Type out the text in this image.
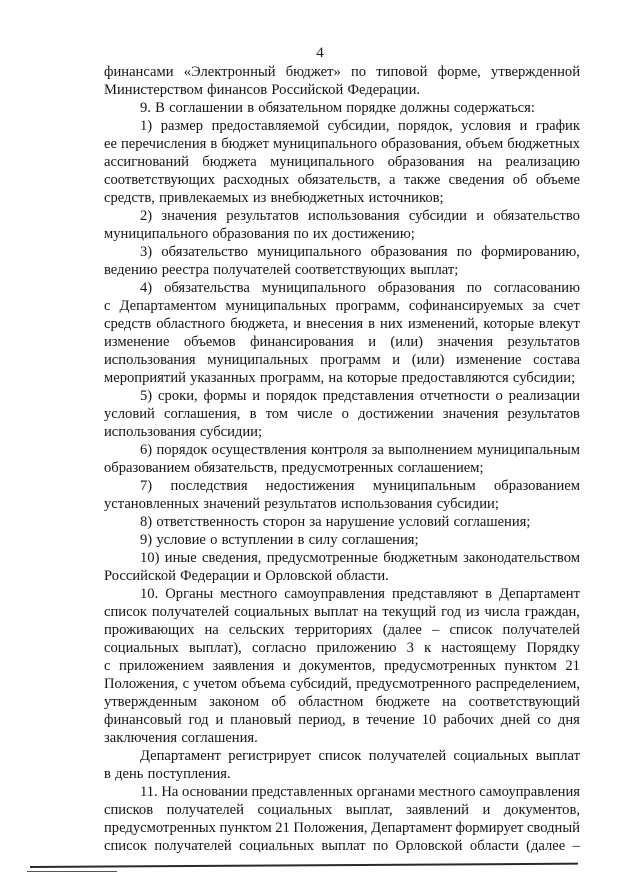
4
финансами «Электронный бюджет» по типовой форме, утвержденной
Министерством финансов Российской Федерации.
9. В соглашении в обязательном порядке должны содержаться:
1) размер предоставляемой субсидии, порядок, условия и график
ее перечисления в бюджет муниципального образования, объем бюджетных
ассигнований бюджета муниципального образования на реализацию
соответствующих расходных обязательств, а также сведения об объеме
средств, привлекаемых из внебюджетных источников;
2) значения результатов использования субсидии и обязательство
муниципального образования по их достижению;
3) обязательство муниципального образования по формированию,
ведению реестра получателей соответствующих выплат;
4) обязательства муниципального образования по согласованию
с Департаментом муниципальных программ, софинансируемых за счет
средств областного бюджета, и внесения в них изменений, которые влекут
изменение объемов финансирования и (или) значения результатов
использования муниципальных программ и (или) изменение состава
мероприятий указанных программ, на которые предоставляются субсидии;
5) сроки, формы и порядок представления отчетности о реализации
условий соглашения, в том числе о достижении значения результатов
использования субсидии;
6) порядок осуществления контроля за выполнением муниципальным
образованием обязательств, предусмотренных соглашением;
7) последствия недостижения муниципальным образованием
установленных значений результатов использования субсидии;
8) ответственность сторон за нарушение условий соглашения;
9) условие о вступлении в силу соглашения;
10) иные сведения, предусмотренные бюджетным законодательством
Российской Федерации и Орловской области.
10. Органы местного самоуправления представляют в Департамент
список получателей социальных выплат на текущий год из числа граждан,
проживающих на сельских территориях (далее – список получателей
социальных выплат), согласно приложению 3 к настоящему Порядку
с приложением заявления и документов, предусмотренных пунктом 21
Положения, с учетом объема субсидий, предусмотренного распределением,
утвержденным законом об областном бюджете на соответствующий
финансовый год и плановый период, в течение 10 рабочих дней со дня
заключения соглашения.
Департамент регистрирует список получателей социальных выплат
в день поступления.
11. На основании представленных органами местного самоуправления
списков получателей социальных выплат, заявлений и документов,
предусмотренных пунктом 21 Положения, Департамент формирует сводный
список получателей социальных выплат по Орловской области (далее –
